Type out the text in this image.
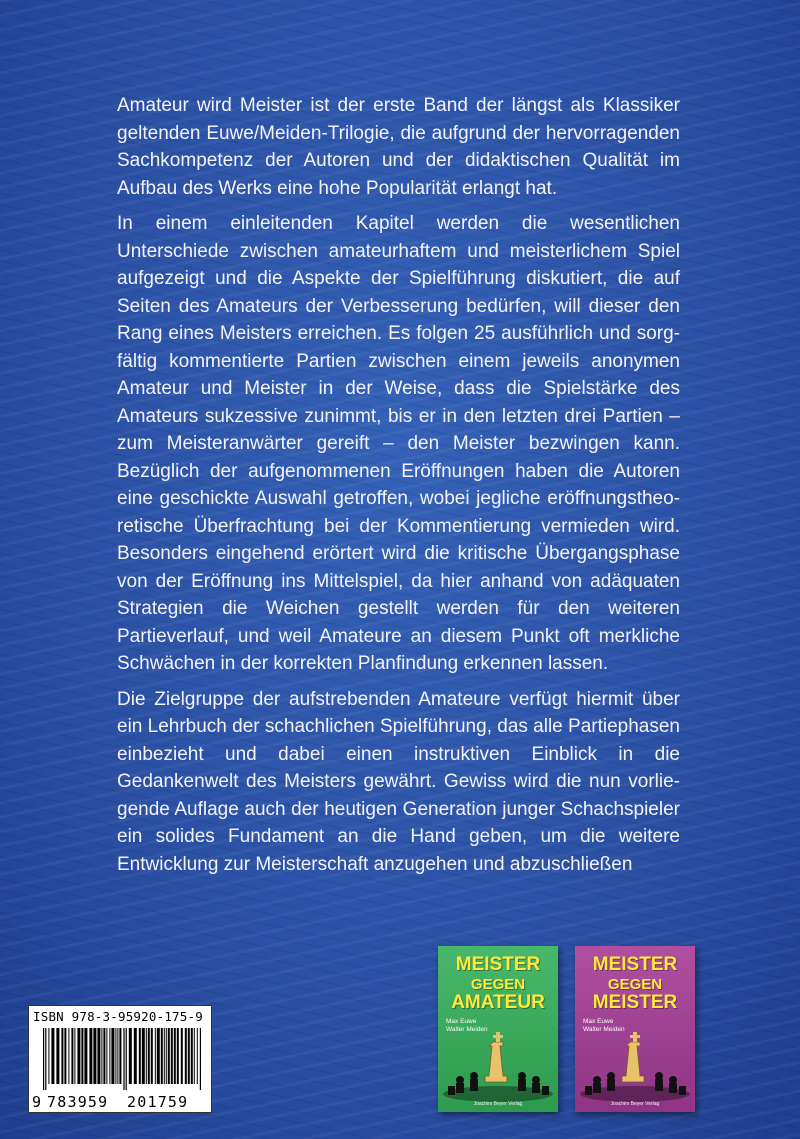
Amateur wird Meister ist der erste Band der längst als Klassiker geltenden Euwe/Meiden-Trilogie, die aufgrund der hervorragenden Sachkompetenz der Autoren und der didaktischen Qualität im Aufbau des Werks eine hohe Popularität erlangt hat.

In einem einleitenden Kapitel werden die wesentlichen Unterschiede zwischen amateurhaftem und meisterlichem Spiel aufgezeigt und die Aspekte der Spielführung diskutiert, die auf Seiten des Amateurs der Verbesserung bedürfen, will dieser den Rang eines Meisters erreichen. Es folgen 25 ausführlich und sorgfältig kommentierte Partien zwischen einem jeweils anonymen Amateur und Meister in der Weise, dass die Spielstärke des Amateurs sukzessive zunimmt, bis er in den letzten drei Partien – zum Meisteranwärter gereift – den Meister bezwingen kann. Bezüglich der aufgenommenen Eröffnungen haben die Autoren eine geschickte Auswahl getroffen, wobei jegliche eröffnungstheoretische Überfrachtung bei der Kommentierung vermieden wird. Besonders eingehend erörtert wird die kritische Übergangsphase von der Eröffnung ins Mittelspiel, da hier anhand von adäquaten Strategien die Weichen gestellt werden für den weiteren Partieverlauf, und weil Amateure an diesem Punkt oft merkliche Schwächen in der korrekten Planfindung erkennen lassen.

Die Zielgruppe der aufstrebenden Amateure verfügt hiermit über ein Lehrbuch der schachlichen Spielführung, das alle Partiephasen einbezieht und dabei einen instruktiven Einblick in die Gedankenwelt des Meisters gewährt. Gewiss wird die nun vorliegende Auflage auch der heutigen Generation junger Schachspieler ein solides Fundament an die Hand geben, um die weitere Entwicklung zur Meisterschaft anzugehen und abzuschließen

ISBN 978-3-95920-175-9
9 783959 201759
MEISTER
GEGEN
AMATEUR
Max Euwe
Walter Meiden
Joachim Beyer Verlag
MEISTER
GEGEN
MEISTER
Max Euwe
Walter Meiden
Joachim Beyer Verlag
